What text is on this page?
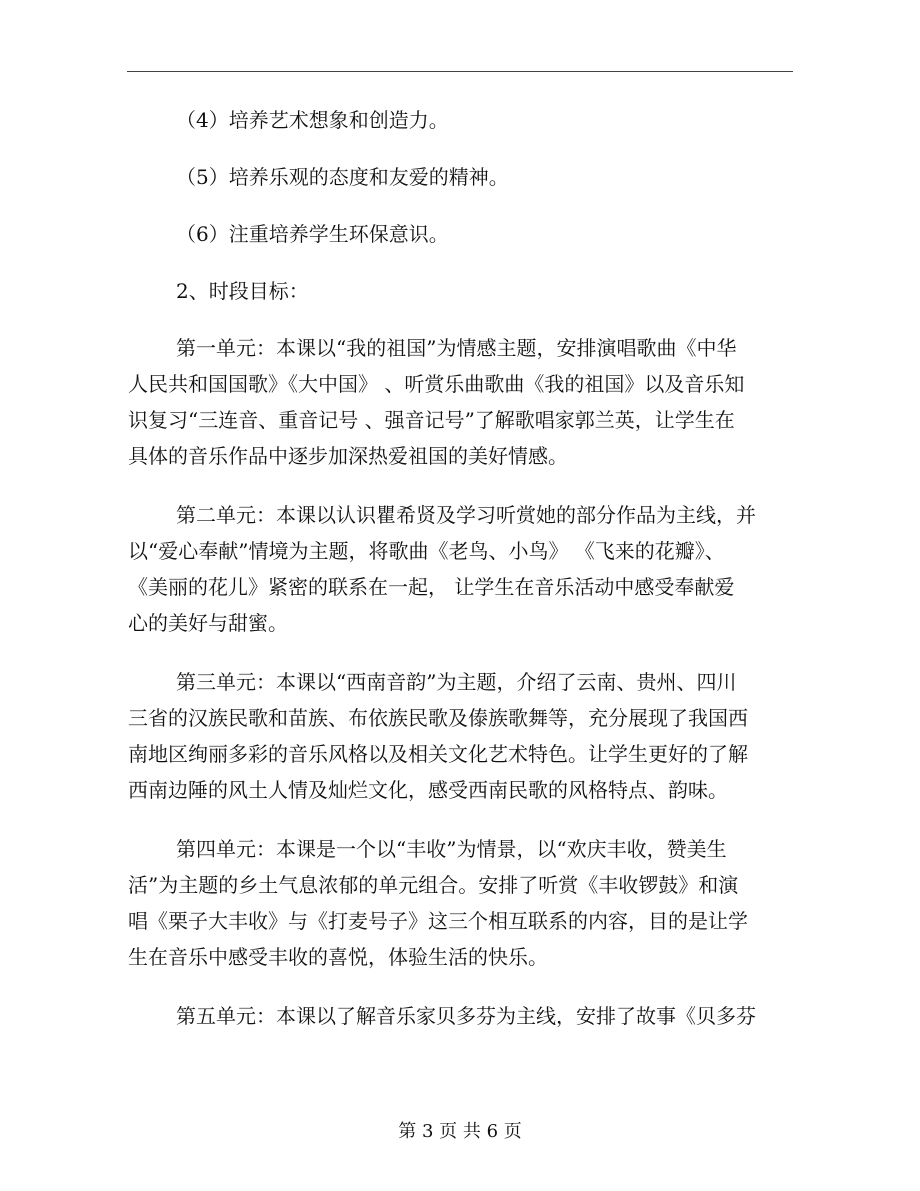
（4）培养艺术想象和创造力。
（5）培养乐观的态度和友爱的精神。
（6）注重培养学生环保意识。
2、时段目标：
第一单元：本课以“我的祖国”为情感主题，安排演唱歌曲《中华
人民共和国国歌》《大中国》 、听赏乐曲歌曲《我的祖国》以及音乐知
识复习“三连音、重音记号 、强音记号”了解歌唱家郭兰英，让学生在
具体的音乐作品中逐步加深热爱祖国的美好情感。
第二单元：本课以认识瞿希贤及学习听赏她的部分作品为主线，并
以“爱心奉献”情境为主题，将歌曲《老鸟、小鸟》 《飞来的花瓣》、
《美丽的花儿》紧密的联系在一起， 让学生在音乐活动中感受奉献爱
心的美好与甜蜜。
第三单元：本课以“西南音韵”为主题，介绍了云南、贵州、四川
三省的汉族民歌和苗族、布依族民歌及傣族歌舞等，充分展现了我国西
南地区绚丽多彩的音乐风格以及相关文化艺术特色。让学生更好的了解
西南边陲的风土人情及灿烂文化，感受西南民歌的风格特点、韵味。
第四单元：本课是一个以“丰收”为情景，以“欢庆丰收，赞美生
活”为主题的乡土气息浓郁的单元组合。安排了听赏《丰收锣鼓》和演
唱《栗子大丰收》与《打麦号子》这三个相互联系的内容，目的是让学
生在音乐中感受丰收的喜悦，体验生活的快乐。
第五单元：本课以了解音乐家贝多芬为主线，安排了故事《贝多芬
第 3 页 共 6 页
